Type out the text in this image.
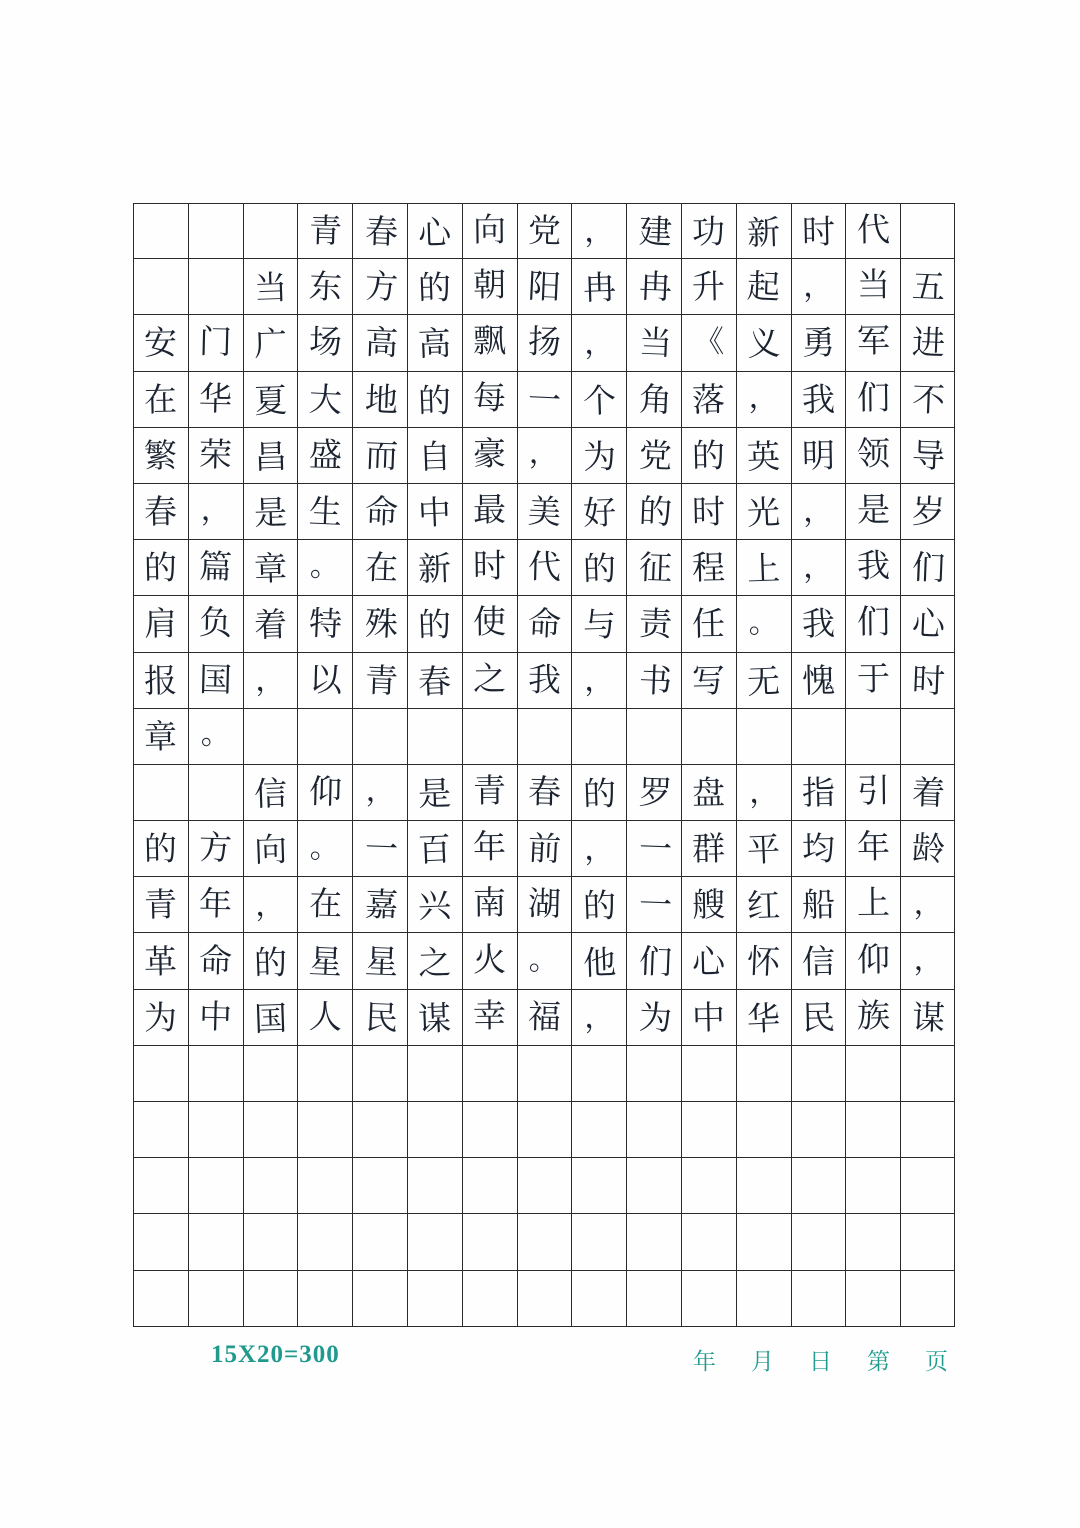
青 春 心 向 党 ， 建 功 新 时 代
当 东 方 的 朝 阳 冉 冉 升 起 ， 当 五
安 门 广 场 高 高 飘 扬 ， 当 《 义 勇 军 进
在 华 夏 大 地 的 每 一 个 角 落 ， 我 们 不
繁 荣 昌 盛 而 自 豪 ， 为 党 的 英 明 领 导
春 ， 是 生 命 中 最 美 好 的 时 光 ， 是 岁
的 篇 章 。 在 新 时 代 的 征 程 上 ， 我 们
肩 负 着 特 殊 的 使 命 与 责 任 。 我 们 心
报 国 ， 以 青 春 之 我 ， 书 写 无 愧 于 时
章 。
信 仰 ， 是 青 春 的 罗 盘 ， 指 引 着
的 方 向 。 一 百 年 前 ， 一 群 平 均 年 龄
青 年 ， 在 嘉 兴 南 湖 的 一 艘 红 船 上 ，
革 命 的 星 星 之 火 。 他 们 心 怀 信 仰 ，
为 中 国 人 民 谋 幸 福 ， 为 中 华 民 族 谋
15X20=300	年 月 日 第 页
